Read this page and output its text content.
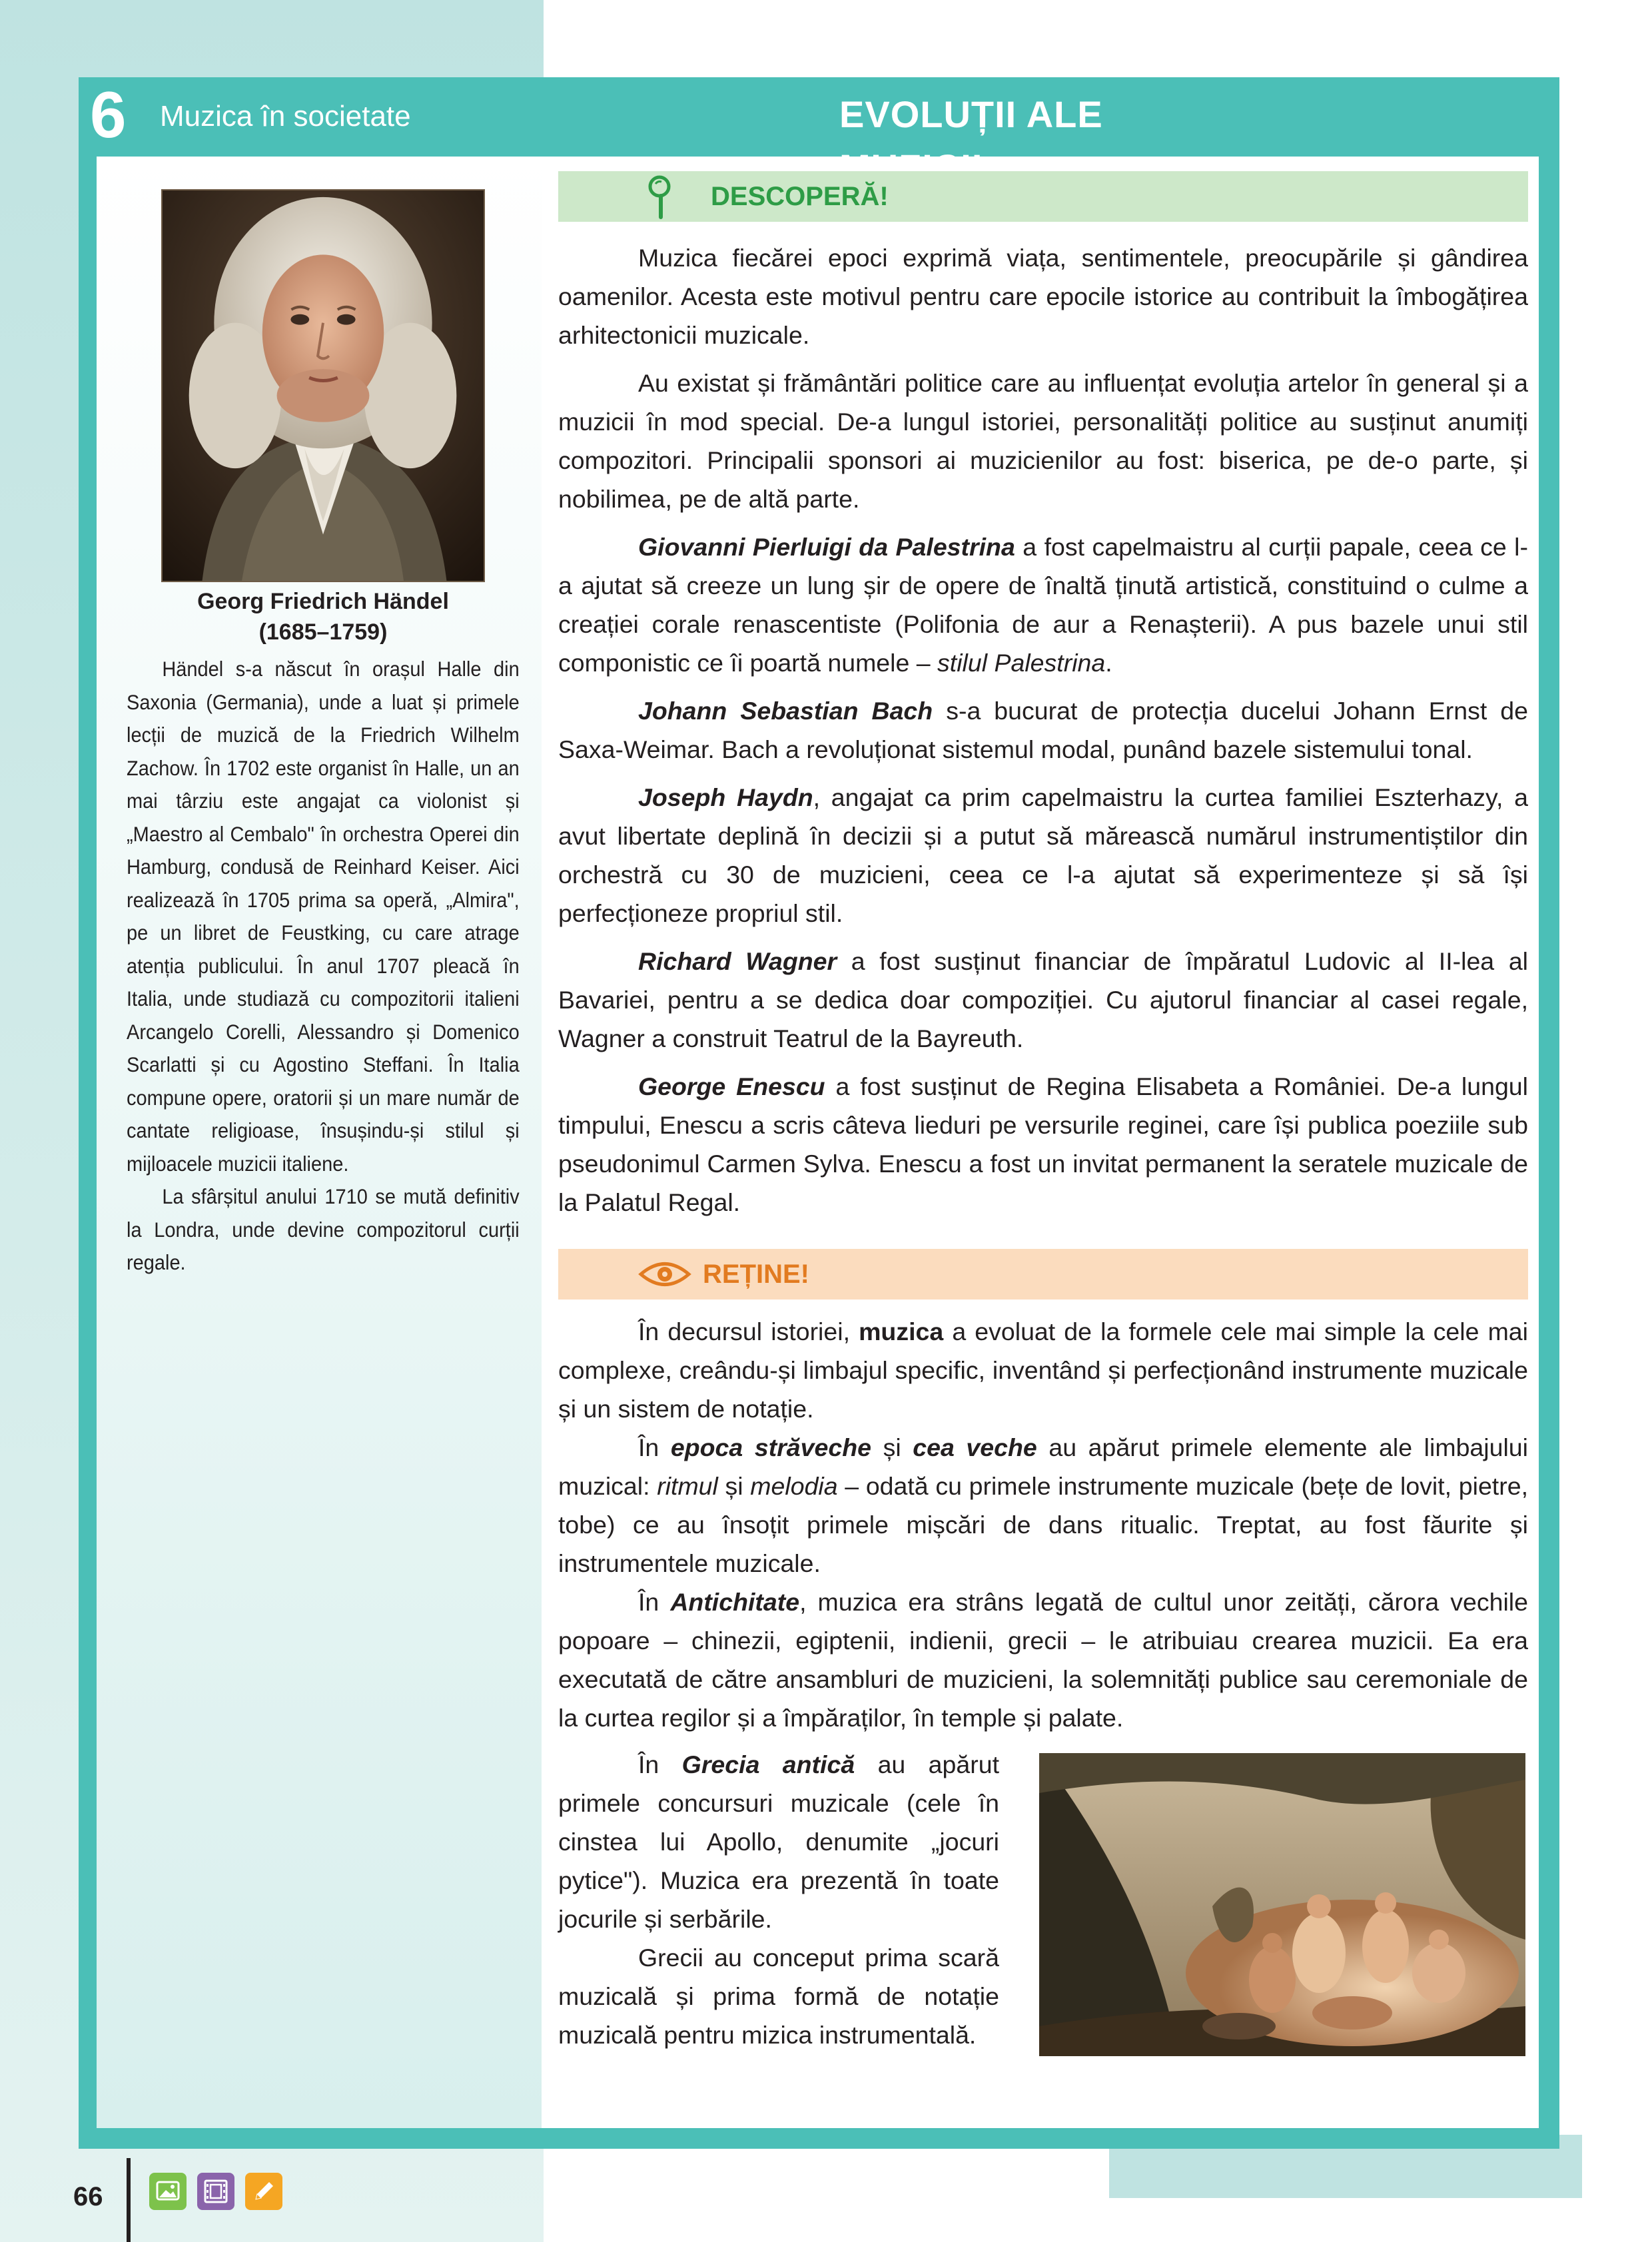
6	Muzica în societate	EVOLUȚII ALE
Georg Friedrich Händel
(1685–1759)

Händel s-a născut în orașul Halle din Saxonia (Germania), unde a luat și primele lecții de muzică de la Friedrich Wilhelm Zachow. În 1702 este organist în Halle, un an mai târziu este angajat ca violonist și „Maestro al Cembalo" în orchestra Operei din Hamburg, condusă de Reinhard Keiser. Aici realizează în 1705 prima sa operă, „Almira", pe un libret de Feustking, cu care atrage atenția publicului. În anul 1707 pleacă în Italia, unde studiază cu compozitorii italieni Arcangelo Corelli, Alessandro și Domenico Scarlatti și cu Agostino Steffani. În Italia compune opere, oratorii și un mare număr de cantate religioase, însușindu-și stilul și mijloacele muzicii italiene.

La sfârșitul anului 1710 se mută definitiv la Londra, unde devine compozitorul curții regale.

DESCOPERĂ!

Muzica fiecărei epoci exprimă viața, sentimentele, preocupările și gândirea oamenilor. Acesta este motivul pentru care epocile istorice au contribuit la îmbogățirea arhitectonicii muzicale.

Au existat și frământări politice care au influențat evoluția artelor în general și a muzicii în mod special. De-a lungul istoriei, personalități politice au susținut anumiți compozitori. Principalii sponsori ai muzicienilor au fost: biserica, pe de-o parte, și nobilimea, pe de altă parte.

Giovanni Pierluigi da Palestrina a fost capelmaistru al curții papale, ceea ce l-a ajutat să creeze un lung șir de opere de înaltă ținută artistică, constituind o culme a creației corale renascentiste (Polifonia de aur a Renașterii). A pus bazele unui stil componistic ce îi poartă numele – stilul Palestrina.

Johann Sebastian Bach s-a bucurat de protecția ducelui Johann Ernst de Saxa-Weimar. Bach a revoluționat sistemul modal, punând bazele sistemului tonal.

Joseph Haydn, angajat ca prim capelmaistru la curtea familiei Eszterhazy, a avut libertate deplină în decizii și a putut să mărească numărul instrumentiștilor din orchestră cu 30 de muzicieni, ceea ce l-a ajutat să experimenteze și să își perfecționeze propriul stil.

Richard Wagner a fost susținut financiar de împăratul Ludovic al II-lea al Bavariei, pentru a se dedica doar compoziției. Cu ajutorul financiar al casei regale, Wagner a construit Teatrul de la Bayreuth.

George Enescu a fost susținut de Regina Elisabeta a României. De-a lungul timpului, Enescu a scris câteva lieduri pe versurile reginei, care își publica poeziile sub pseudonimul Carmen Sylva. Enescu a fost un invitat permanent la seratele muzicale de la Palatul Regal.

REȚINE!

În decursul istoriei, muzica a evoluat de la formele cele mai simple la cele mai complexe, creându-și limbajul specific, inventând și perfecționând instrumente muzicale și un sistem de notație.

În epoca străveche și cea veche au apărut primele elemente ale limbajului muzical: ritmul și melodia – odată cu primele instrumente muzicale (bețe de lovit, pietre, tobe) ce au însoțit primele mișcări de dans ritualic. Treptat, au fost făurite și instrumentele muzicale.

În Antichitate, muzica era strâns legată de cultul unor zeități, cărora vechile popoare – chinezii, egiptenii, indienii, grecii – le atribuiau crearea muzicii. Ea era executată de către ansambluri de muzicieni, la solemnități publice sau ceremoniale de la curtea regilor și a împăraților, în temple și palate.

În Grecia antică au apărut primele concursuri muzicale (cele în cinstea lui Apollo, denumite „jocuri pytice"). Muzica era prezentă în toate jocurile și serbările.

Grecii au conceput prima scară muzicală și prima formă de notație muzicală pentru mizica instrumentală.

66
